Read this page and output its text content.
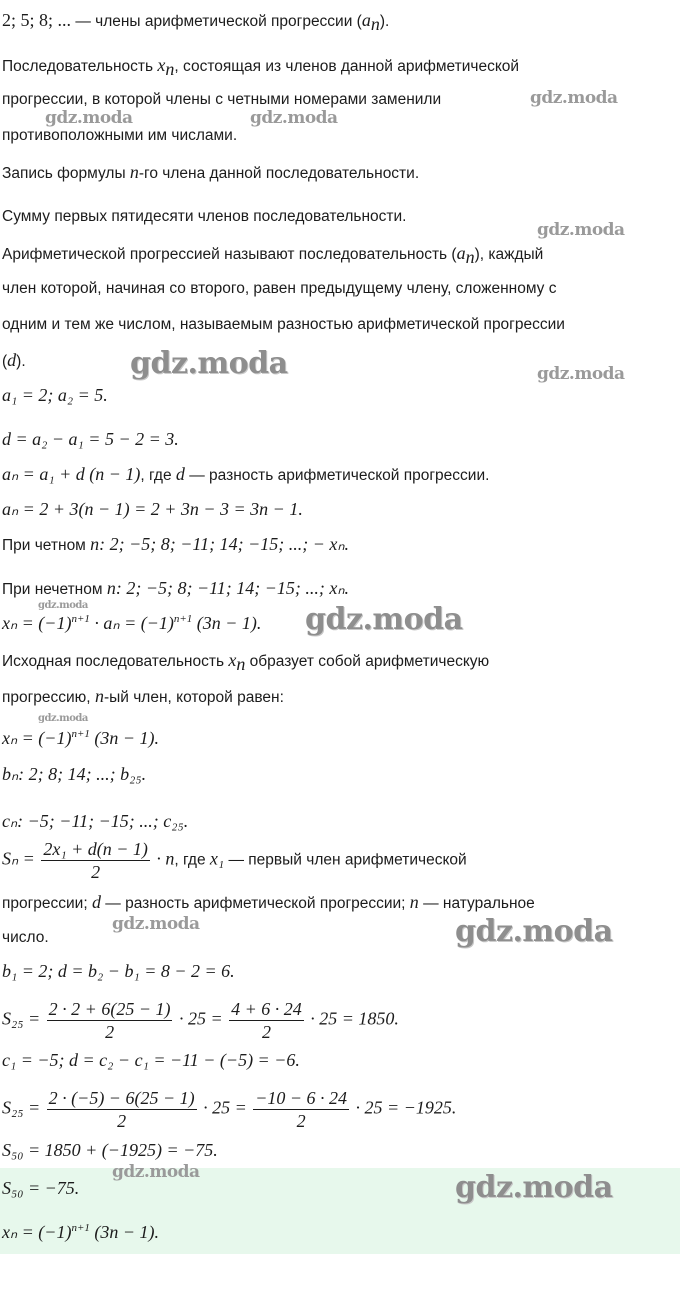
2; 5; 8; ... — члены арифметической прогрессии $(a_n)$.
Последовательность $x_n$, состоящая из членов данной арифметической
прогрессии, в которой члены с четными номерами заменили
противоположными им числами.
Запись формулы n-го члена данной последовательности.
Сумму первых пятидесяти членов последовательности.
Арифметической прогрессией называют последовательность $(a_n)$, каждый
член которой, начиная со второго, равен предыдущему члену, сложенному с
одним и тем же числом, называемым разностью арифметической прогрессии
(d).
a₁ = 2; a₂ = 5.
d = a₂ − a₁ = 5 − 2 = 3.
aₙ = a₁ + d (n − 1), где d — разность арифметической прогрессии.
aₙ = 2 + 3(n − 1) = 2 + 3n − 3 = 3n − 1.
При четном n: 2; −5; 8; −11; 14; −15; ...; − xₙ.
При нечетном n: 2; −5; 8; −11; 14; −15; ...; xₙ.
$x_n = (-1)^{n+1} \cdot a_n = (-1)^{n+1}$ (3n − 1).
Исходная последовательность $x_n$ образует собой арифметическую
прогрессию, n-ый член, которой равен:
$x_n = (-1)^{n+1}$ (3n − 1).
bₙ: 2; 8; 14; ...; b₂₅.
cₙ: −5; −11; −15; ...; c₂₅.
$S_n = \frac{\text{2x₁ + d(n − 1)}}{2} \cdot n$, где x₁ — первый член арифметической
прогрессии; d — разность арифметической прогрессии; n — натуральное
число.
b₁ = 2; d = b₂ − b₁ = 8 − 2 = 6.
$S_{25} = \frac{2 \cdot 2 + 6(25 - 1)}{2} \cdot 25 = \frac{4 + 6 \cdot 24}{2} \cdot 25 = 1850$.
c₁ = −5; d = c₂ − c₁ = −11 − (−5) = −6.
$S_{25} = \frac{2 \cdot (-5) - 6(25 - 1)}{2} \cdot 25 = \frac{-10 - 6 \cdot 24}{2} \cdot 25 = -1925$.
S₅₀ = 1850 + (−1925) = −75.
S₅₀ = −75.
$x_n = (-1)^{n+1}$ (3n − 1).
gdz.moda
gdz.moda	gdz.moda
gdz.moda
gdz.moda	gdz.moda
gdz.moda	gdz.moda
gdz.moda
gdz.moda	gdz.moda
gdz.moda	gdz.moda
